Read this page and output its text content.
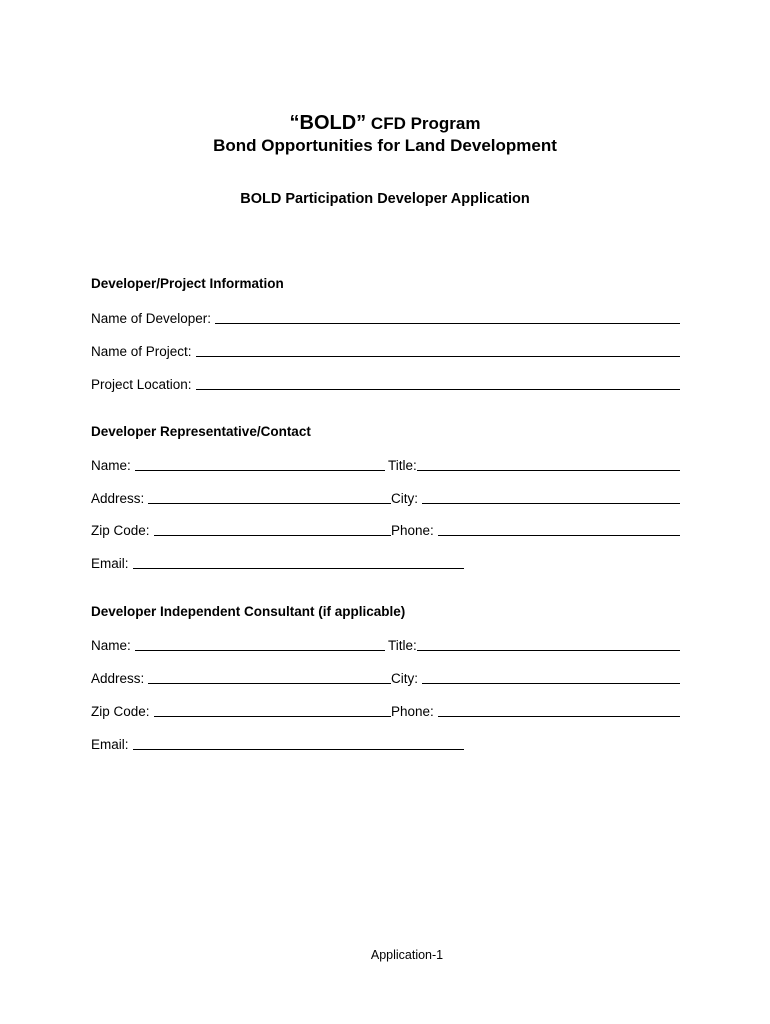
“BOLD” CFD Program
Bond Opportunities for Land Development
BOLD Participation Developer Application
Developer/Project Information
Name of Developer:
Name of Project:
Project Location:
Developer Representative/Contact
Name:	Title:
Address:	City:
Zip Code:	Phone:
Email:
Developer Independent Consultant (if applicable)
Name:	Title:
Address:	City:
Zip Code:	Phone:
Email:
Application-1
